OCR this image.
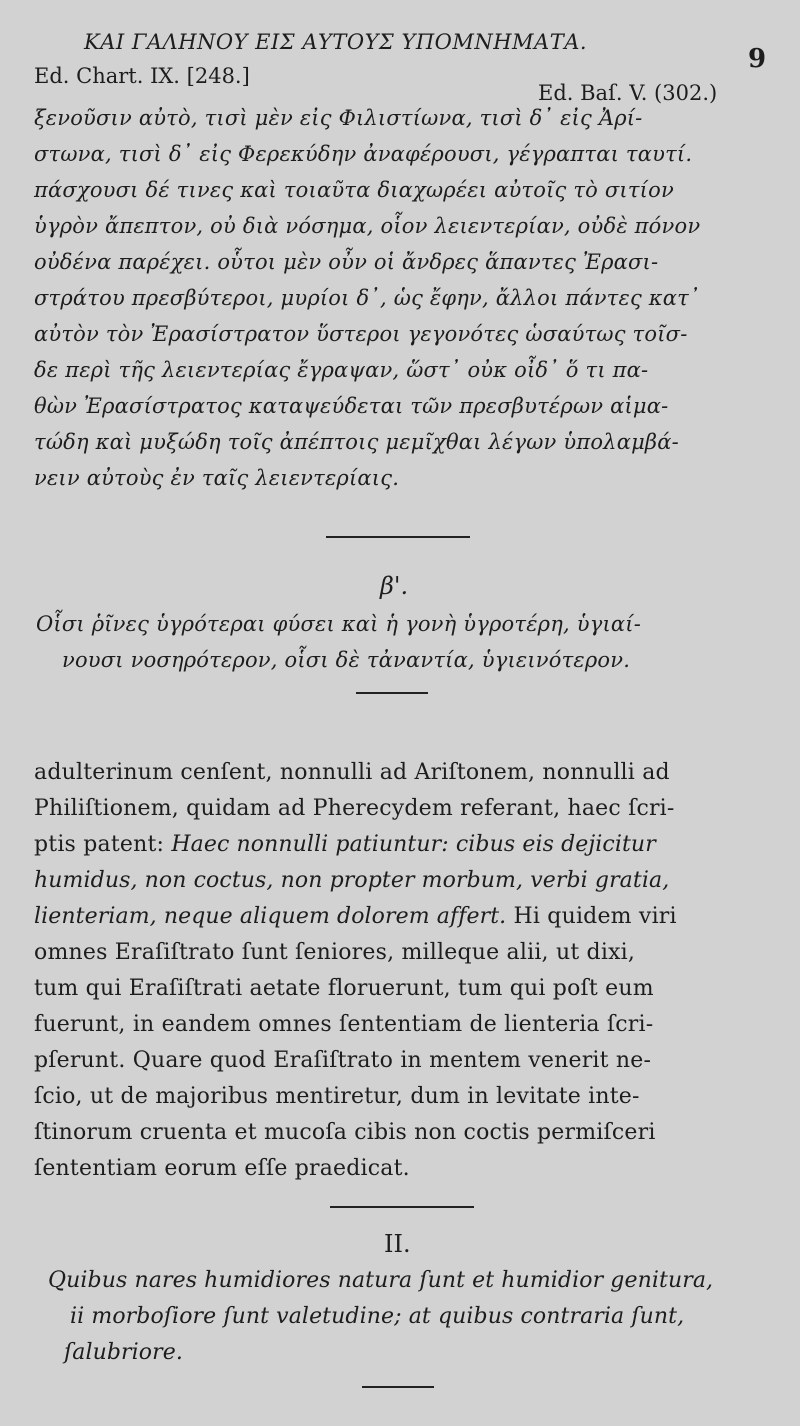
ΚΑΙ ΓΑΛΗΝΟΥ ΕΙΣ ΑΥΤΟΥΣ ΥΠΟΜΝΗΜΑΤΑ.
9
Ed. Chart. IX. [248.]
Ed. Baſ. V. (302.)
ξενοῦσιν αὐτὸ, τισὶ μὲν εἰς Φιλιστίωνα, τισὶ δ᾽ εἰς Ἀρί-
στωνα, τισὶ δ᾽ εἰς Φερεκύδην ἀναφέρουσι, γέγραπται ταυτί.
πάσχουσι δέ τινες καὶ τοιαῦτα διαχωρέει αὐτοῖς τὸ σιτίον
ὑγρὸν ἄπεπτον, οὐ διὰ νόσημα, οἷον λειεντερίαν, οὐδὲ πόνον
οὐδένα παρέχει. οὗτοι μὲν οὖν οἱ ἄνδρες ἅπαντες Ἐρασι-
στράτου πρεσβύτεροι, μυρίοι δ᾽, ὡς ἔφην, ἄλλοι πάντες κατ᾽
αὐτὸν τὸν Ἐρασίστρατον ὕστεροι γεγονότες ὡσαύτως τοῖσ-
δε περὶ τῆς λειεντερίας ἔγραψαν, ὥστ᾽ οὐκ οἶδ᾽ ὅ τι πα-
θὼν Ἐρασίστρατος καταψεύδεται τῶν πρεσβυτέρων αἱμα-
τώδη καὶ μυξώδη τοῖς ἀπέπτοις μεμῖχθαι λέγων ὑπολαμβά-
νειν αὐτοὺς ἐν ταῖς λειεντερίαις.
β'.
Οἷσι ῥῖνες ὑγρότεραι φύσει καὶ ἡ γονὴ ὑγροτέρη, ὑγιαί-
νουσι νοσηρότερον, οἷσι δὲ τἀναντία, ὑγιεινότερον.
adulterinum cenſent, nonnulli ad Ariſtonem, nonnulli ad
Philiſtionem, quidam ad Pherecydem referant, haec ſcri-
ptis patent: Haec nonnulli patiuntur: cibus eis dejicitur
humidus, non coctus, non propter morbum, verbi gratia,
lienteriam, neque aliquem dolorem affert. Hi quidem viri
omnes Eraſiſtrato ſunt ſeniores, milleque alii, ut dixi,
tum qui Eraſiſtrati aetate floruerunt, tum qui poſt eum
fuerunt, in eandem omnes ſententiam de lienteria ſcri-
pſerunt. Quare quod Eraſiſtrato in mentem venerit ne-
ſcio, ut de majoribus mentiretur, dum in levitate inte-
ſtinorum cruenta et mucoſa cibis non coctis permiſceri
ſententiam eorum eſſe praedicat.
II.
Quibus nares humidiores natura ſunt et humidior genitura,
ii morboſiore ſunt valetudine; at quibus contraria ſunt,
ſalubriore.
